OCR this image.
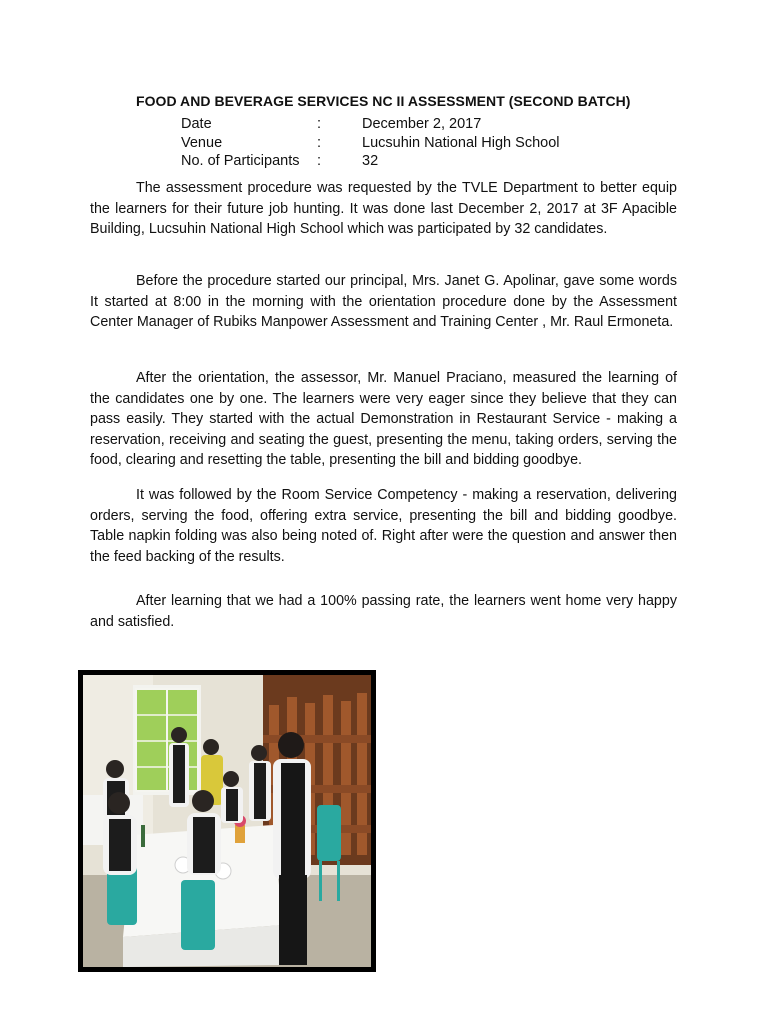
FOOD AND BEVERAGE SERVICES NC II ASSESSMENT (SECOND BATCH)
Date	:	December 2, 2017
Venue	:	Lucsuhin National High School
No. of Participants	:	32

The assessment procedure was requested by the TVLE Department to better equip the learners for their future job hunting. It was done last December 2, 2017 at 3F Apacible Building, Lucsuhin National High School which was participated by 32 candidates.

Before the procedure started our principal, Mrs. Janet G. Apolinar, gave some words It started at 8:00 in the morning with the orientation procedure done by the Assessment Center Manager of Rubiks Manpower Assessment and Training Center , Mr. Raul Ermoneta.

After the orientation, the assessor, Mr. Manuel Praciano, measured the learning of the candidates one by one. The learners were very eager since they believe that they can pass easily. They started with the actual Demonstration in Restaurant Service - making a reservation, receiving and seating the guest, presenting the menu, taking orders, serving the food, clearing and resetting the table, presenting the bill and bidding goodbye.

It was followed by the Room Service Competency - making a reservation, delivering orders, serving the food, offering extra service, presenting the bill and bidding goodbye. Table napkin folding was also being noted of. Right after were the question and answer then the feed backing of the results.

After learning that we had a 100% passing rate, the learners went home very happy and satisfied.
